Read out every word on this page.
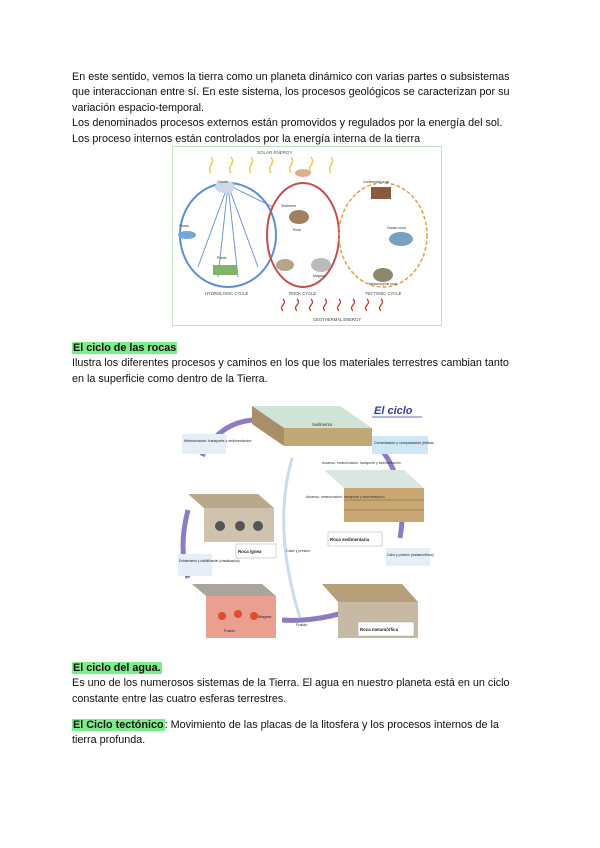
En este sentido, vemos la tierra como un planeta dinámico con varias partes o subsistemas
que interaccionan entre sí. En este sistema, los procesos geológicos se caracterizan por su
variación espacio-temporal.
Los denominados procesos externos están promovidos y regulados por la energía del sol.
Los proceso internos están controlados por la energía interna de la tierra
SOLAR ENERGY
HYDROLOGIC CYCLE	ROCK CYCLE	TECTONIC CYCLE
Clouds
Ocean
Plants
Sediment
Rock
Magma
Ocean crust
Continental crust
Metamorphic rock
GEOTHERMAL ENERGY
El ciclo de las rocas
Ilustra los diferentes procesos y caminos en los que los materiales terrestres cambian tanto
en la superficie como dentro de la Tierra.
El ciclo
Sedimento
Meteorización, transporte y sedimentación	Cementación y compactación (litificación)
Ascenso, meteorización, transporte y sedimentación
Ascenso, meteorización, transporte y sedimentación
Roca sedimentaria
Roca ígnea	Calor y presión
Calor y presión (metamorfismo)
Enfriamiento y solidificación (cristalización)
Magma
Fusión
Fusión
Roca metamórfica
El ciclo del agua.
Es uno de los numerosos sistemas de la Tierra. El agua en nuestro planeta está en un ciclo
constante entre las cuatro esferas terrestres.
El Ciclo tectónico: Movimiento de las placas de la litosfera y los procesos internos de la
tierra profunda.
